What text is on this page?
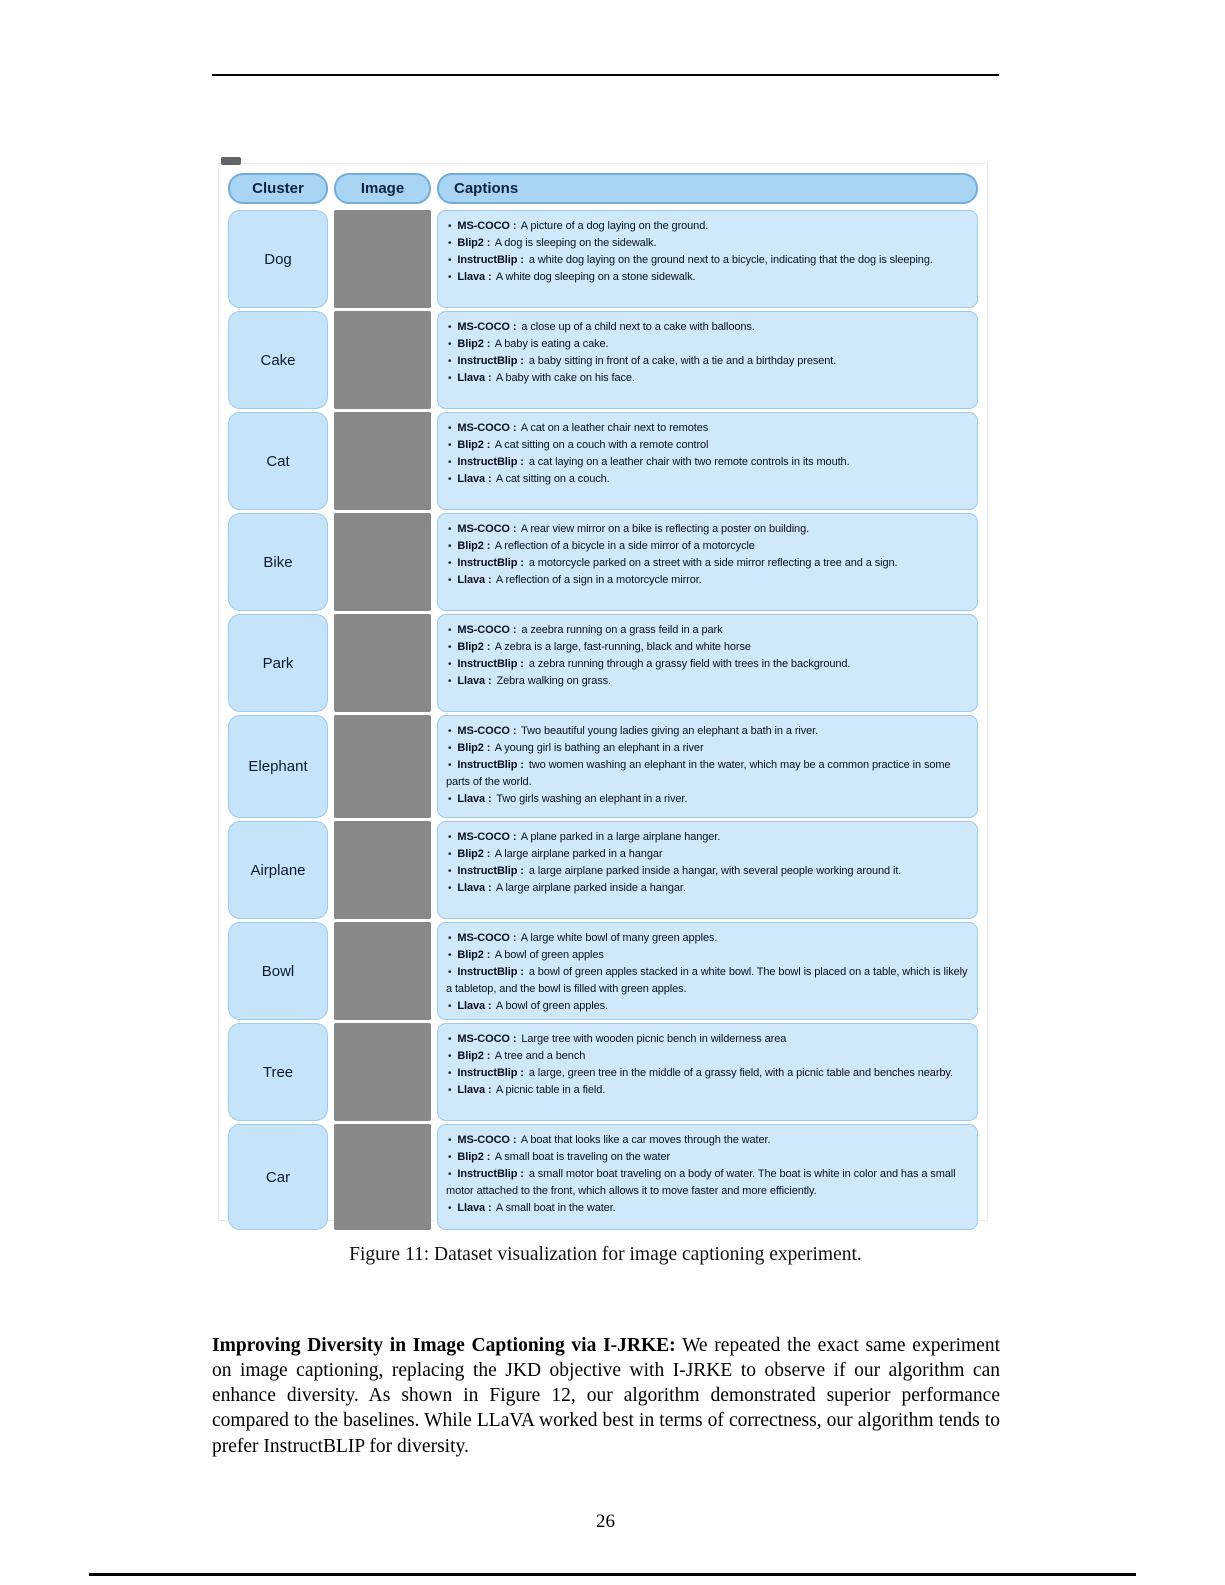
Cluster	Image	Captions
Dog
• MS-COCO : A picture of a dog laying on the ground.
• Blip2 : A dog is sleeping on the sidewalk.
• InstructBlip : a white dog laying on the ground next to a bicycle, indicating that the dog is sleeping.
• Llava : A white dog sleeping on a stone sidewalk.
Cake
• MS-COCO : a close up of a child next to a cake with balloons.
• Blip2 : A baby is eating a cake.
• InstructBlip : a baby sitting in front of a cake, with a tie and a birthday present.
• Llava : A baby with cake on his face.
Cat
• MS-COCO : A cat on a leather chair next to remotes
• Blip2 : A cat sitting on a couch with a remote control
• InstructBlip : a cat laying on a leather chair with two remote controls in its mouth.
• Llava : A cat sitting on a couch.
Bike
• MS-COCO : A rear view mirror on a bike is reflecting a poster on building.
• Blip2 : A reflection of a bicycle in a side mirror of a motorcycle
• InstructBlip : a motorcycle parked on a street with a side mirror reflecting a tree and a sign.
• Llava : A reflection of a sign in a motorcycle mirror.
Park
• MS-COCO : a zeebra running on a grass feild in a park
• Blip2 : A zebra is a large, fast-running, black and white horse
• InstructBlip : a zebra running through a grassy field with trees in the background.
• Llava : Zebra walking on grass.
Elephant
• MS-COCO : Two beautiful young ladies giving an elephant a bath in a river.
• Blip2 : A young girl is bathing an elephant in a river
• InstructBlip : two women washing an elephant in the water, which may be a common practice in some parts of the world.
• Llava : Two girls washing an elephant in a river.
Airplane
• MS-COCO : A plane parked in a large airplane hanger.
• Blip2 : A large airplane parked in a hangar
• InstructBlip : a large airplane parked inside a hangar, with several people working around it.
• Llava : A large airplane parked inside a hangar.
Bowl
• MS-COCO : A large white bowl of many green apples.
• Blip2 : A bowl of green apples
• InstructBlip : a bowl of green apples stacked in a white bowl. The bowl is placed on a table, which is likely a tabletop, and the bowl is filled with green apples.
• Llava : A bowl of green apples.
Tree
• MS-COCO : Large tree with wooden picnic bench in wilderness area
• Blip2 : A tree and a bench
• InstructBlip : a large, green tree in the middle of a grassy field, with a picnic table and benches nearby.
• Llava : A picnic table in a field.
Car
• MS-COCO : A boat that looks like a car moves through the water.
• Blip2 : A small boat is traveling on the water
• InstructBlip : a small motor boat traveling on a body of water. The boat is white in color and has a small motor attached to the front, which allows it to move faster and more efficiently.
• Llava : A small boat in the water.
Figure 11: Dataset visualization for image captioning experiment.

Improving Diversity in Image Captioning via I-JRKE: We repeated the exact same experiment on image captioning, replacing the JKD objective with I-JRKE to observe if our algorithm can enhance diversity. As shown in Figure 12, our algorithm demonstrated superior performance compared to the baselines. While LLaVA worked best in terms of correctness, our algorithm tends to prefer InstructBLIP for diversity.

26
